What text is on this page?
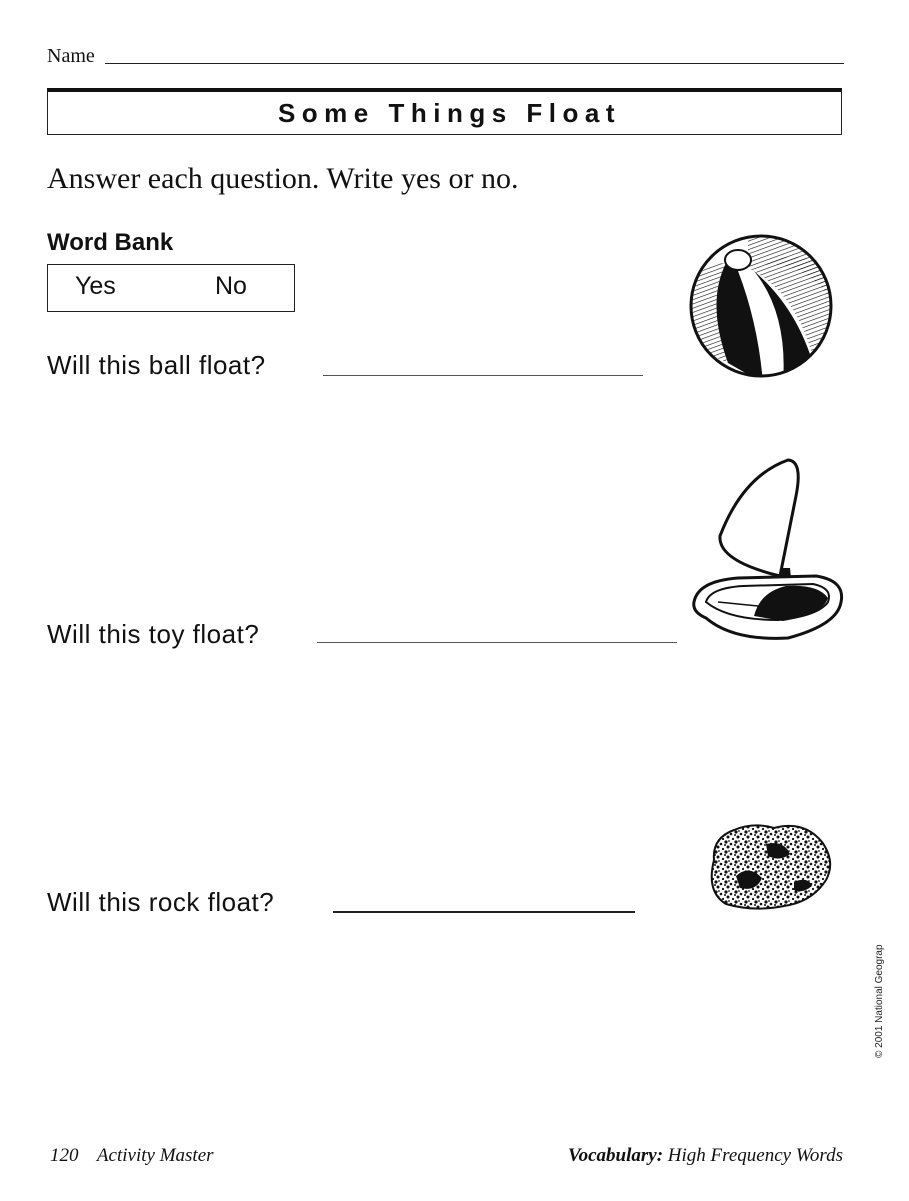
Name
Some Things Float
Answer each question. Write yes or no.
Word Bank
Yes	No
Will this ball float?
Will this toy float?
Will this rock float?
© 2001 National Geograp
120 Activity Master	Vocabulary: High Frequency Words
